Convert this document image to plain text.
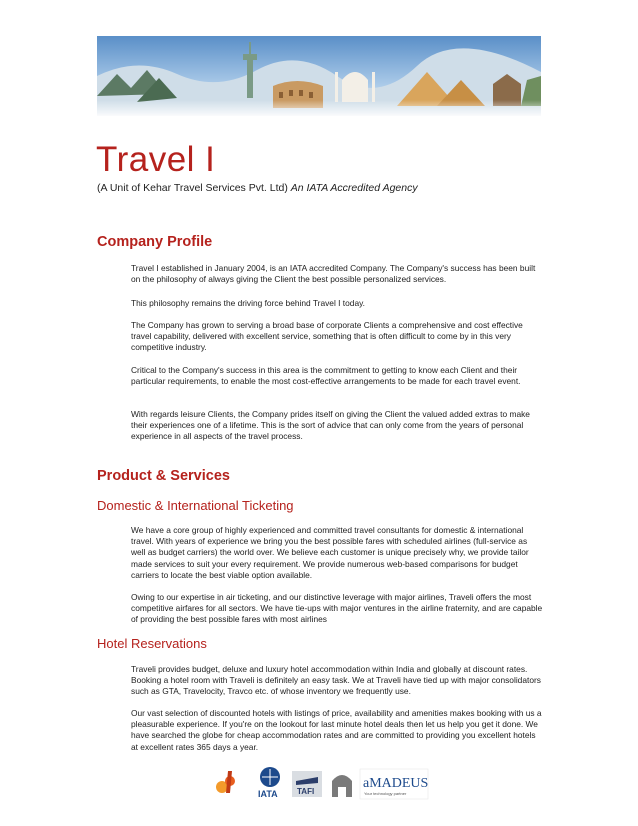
Travel I
(A Unit of Kehar Travel Services Pvt. Ltd) An IATA Accredited Agency
Company Profile

Travel I established in January 2004, is an IATA accredited Company. The Company's success has been built on the philosophy of always giving the Client the best possible personalized services.

This philosophy remains the driving force behind Travel I today.

The Company has grown to serving a broad base of corporate Clients a comprehensive and cost effective travel capability, delivered with excellent service, something that is often difficult to come by in this very competitive industry.

Critical to the Company's success in this area is the commitment to getting to know each Client and their particular requirements, to enable the most cost-effective arrangements to be made for each travel event.

With regards leisure Clients, the Company prides itself on giving the Client the valued added extras to make their experiences one of a lifetime. This is the sort of advice that can only come from the years of personal experience in all aspects of the travel process.

Product & Services
Domestic & International Ticketing

We have a core group of highly experienced and committed travel consultants for domestic & international travel. With years of experience we bring you the best possible fares with scheduled airlines (full-service as well as budget carriers) the world over. We believe each customer is unique precisely why, we provide tailor made services to suit your every requirement. We provide numerous web-based comparisons for budget carriers to locate the best viable option available.

Owing to our expertise in air ticketing, and our distinctive leverage with major airlines, Traveli offers the most competitive airfares for all sectors. We have tie-ups with major ventures in the airline fraternity, and are capable of providing the best possible fares with most airlines

Hotel Reservations

Traveli provides budget, deluxe and luxury hotel accommodation within India and globally at discount rates. Booking a hotel room with Traveli is definitely an easy task. We at Traveli have tied up with major consolidators such as GTA, Travelocity, Travco etc. of whose inventory we frequently use.

Our vast selection of discounted hotels with listings of price, availability and amenities makes booking with us a pleasurable experience. If you're on the lookout for last minute hotel deals then let us help you get it done. We have searched the globe for cheap accommodation rates and are committed to providing you excellent hotels at excellent rates 365 days a year.

IATA TAFI
aMADEUS
Your technology partner
